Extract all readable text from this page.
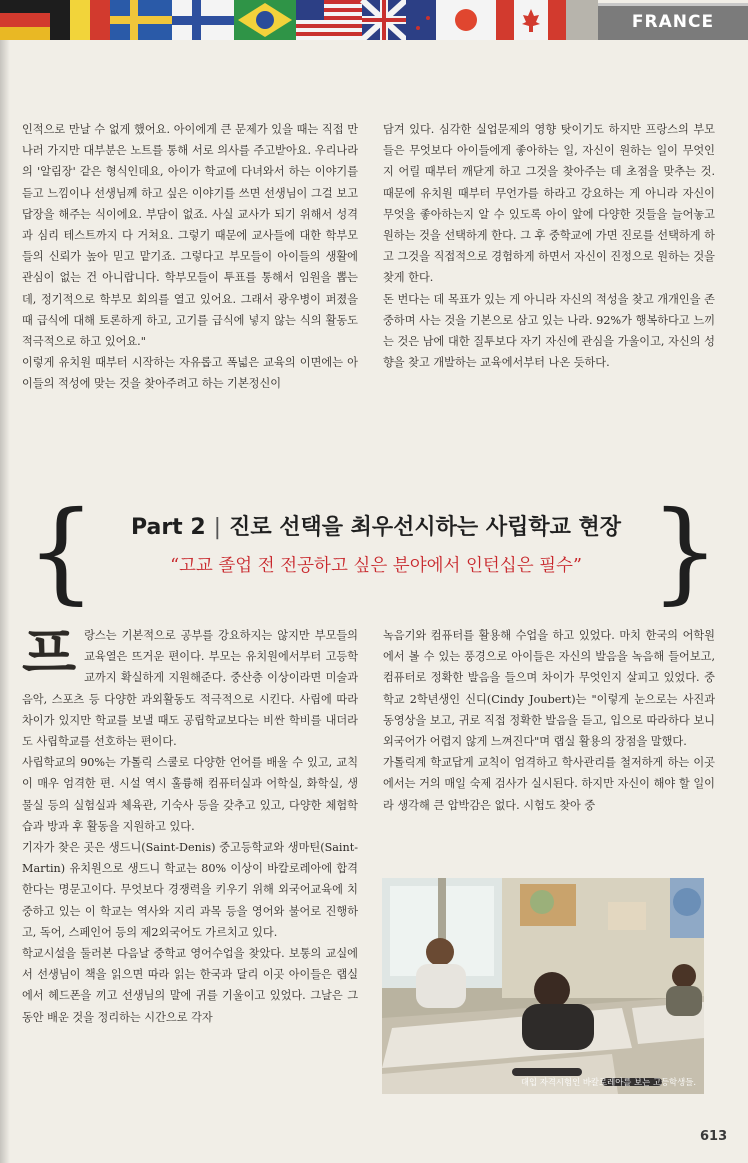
FRANCE

인적으로 만날 수 없게 했어요. 아이에게 큰 문제가 있을 때는 직접 만나러 가지만 대부분은 노트를 통해 서로 의사를 주고받아요. 우리나라의 '알림장' 같은 형식인데요, 아이가 학교에 다녀와서 하는 이야기를 듣고 느낌이나 선생님께 하고 싶은 이야기를 쓰면 선생님이 그걸 보고 답장을 해주는 식이에요. 부담이 없죠. 사실 교사가 되기 위해서 성격과 심리 테스트까지 다 거쳐요. 그렇기 때문에 교사들에 대한 학부모들의 신뢰가 높아 믿고 맡기죠. 그렇다고 부모들이 아이들의 생활에 관심이 없는 건 아니랍니다. 학부모들이 투표를 통해서 임원을 뽑는데, 정기적으로 학부모 회의를 열고 있어요. 그래서 광우병이 퍼졌을 때 급식에 대해 토론하게 하고, 고기를 급식에 넣지 않는 식의 활동도 적극적으로 하고 있어요."

이렇게 유치원 때부터 시작하는 자유롭고 폭넓은 교육의 이면에는 아이들의 적성에 맞는 것을 찾아주려고 하는 기본정신이

담겨 있다. 심각한 실업문제의 영향 탓이기도 하지만 프랑스의 부모들은 무엇보다 아이들에게 좋아하는 일, 자신이 원하는 일이 무엇인지 어릴 때부터 깨닫게 하고 그것을 찾아주는 데 초점을 맞추는 것. 때문에 유치원 때부터 무언가를 하라고 강요하는 게 아니라 자신이 무엇을 좋아하는지 알 수 있도록 아이 앞에 다양한 것들을 늘어놓고 원하는 것을 선택하게 한다. 그 후 중학교에 가면 진로를 선택하게 하고 그것을 직접적으로 경험하게 하면서 자신이 진정으로 원하는 것을 찾게 한다.

돈 번다는 데 목표가 있는 게 아니라 자신의 적성을 찾고 개개인을 존중하며 사는 것을 기본으로 삼고 있는 나라. 92%가 행복하다고 느끼는 것은 남에 대한 질투보다 자기 자신에 관심을 가울이고, 자신의 성향을 찾고 개발하는 교육에서부터 나온 듯하다.

{	Part 2 | 진로 선택을 최우선시하는 사립학교 현장
“고교 졸업 전 전공하고 싶은 분야에서 인턴십은 필수” }

프랑스는 기본적으로 공부를 강요하지는 않지만 부모들의 교육열은 뜨거운 편이다. 부모는 유치원에서부터 고등학교까지 확실하게 지원해준다. 중산층 이상이라면 미술과 음악, 스포츠 등 다양한 과외활동도 적극적으로 시킨다. 사립에 따라 차이가 있지만 학교를 보낼 때도 공립학교보다는 비싼 학비를 내더라도 사립학교를 선호하는 편이다.

사립학교의 90%는 가톨릭 스쿨로 다양한 언어를 배울 수 있고, 교칙이 매우 엄격한 편. 시설 역시 훌륭해 컴퓨터실과 어학실, 화학실, 생물실 등의 실험실과 체육관, 기숙사 등을 갖추고 있고, 다양한 체험학습과 방과 후 활동을 지원하고 있다.

기자가 찾은 곳은 생드니(Saint-Denis) 중고등학교와 생마틴(Saint-Martin) 유치원으로 생드니 학교는 80% 이상이 바칼로레아에 합격한다는 명문고이다. 무엇보다 경쟁력을 키우기 위해 외국어교육에 치중하고 있는 이 학교는 역사와 지리 과목 등을 영어와 불어로 진행하고, 독어, 스페인어 등의 제2외국어도 가르치고 있다.

학교시설을 둘러본 다음날 중학교 영어수업을 찾았다. 보통의 교실에서 선생님이 책을 읽으면 따라 읽는 한국과 달리 이곳 아이들은 랩실에서 헤드폰을 끼고 선생님의 말에 귀를 기울이고 있었다. 그날은 그동안 배운 것을 정리하는 시간으로 각자

녹음기와 컴퓨터를 활용해 수업을 하고 있었다. 마치 한국의 어학원에서 볼 수 있는 풍경으로 아이들은 자신의 발음을 녹음해 들어보고, 컴퓨터로 정확한 발음을 들으며 차이가 무엇인지 살피고 있었다. 중학교 2학년생인 신디(Cindy Joubert)는 "이렇게 눈으로는 사진과 동영상을 보고, 귀로 직접 정확한 발음을 듣고, 입으로 따라하다 보니 외국어가 어렵지 않게 느껴진다"며 랩실 활용의 장점을 말했다.

가톨릭계 학교답게 교칙이 엄격하고 학사관리를 철저하게 하는 이곳에서는 거의 매일 숙제 검사가 실시된다. 하지만 자신이 해야 할 일이라 생각해 큰 압박감은 없다. 시험도 찾아 중

대입 자격시험인 바칼로레아를 보는 고등학생들.
613
